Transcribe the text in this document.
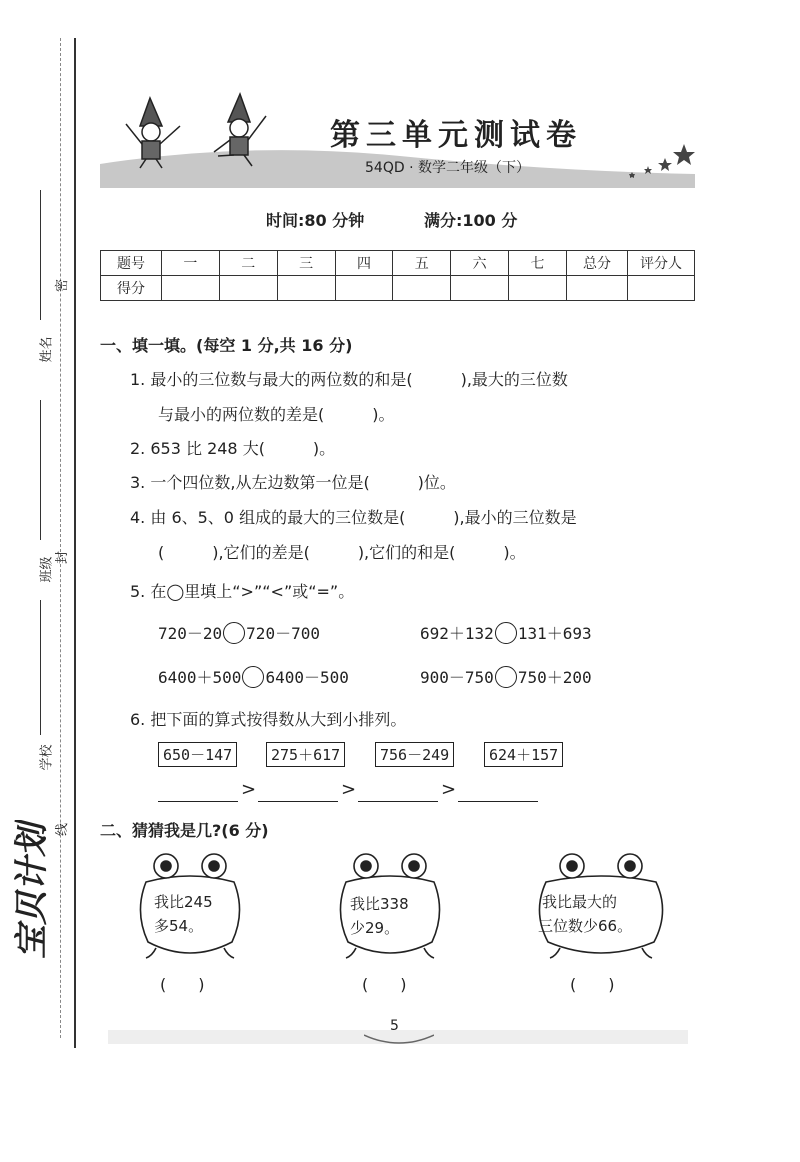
姓名
班级
学校
密
封
线
宝贝计划
第三单元测试卷
54QD · 数学二年级（下）
时间:80 分钟	满分:100 分
题号	一	二	三	四	五	六	七	总分	评分人
得分									
一、填一填。(每空 1 分,共 16 分)
1. 最小的三位数与最大的两位数的和是(　　　),最大的三位数
与最小的两位数的差是(　　　)。
2. 653 比 248 大(　　　)。
3. 一个四位数,从左边数第一位是(　　　)位。
4. 由 6、5、0 组成的最大的三位数是(　　　),最小的三位数是
(　　　),它们的差是(　　　),它们的和是(　　　)。
5. 在◯里填上“>”“<”或“=”。
720－20 720－700	692＋132 131＋693
6400＋500 6400－500	900－750 750＋200
6. 把下面的算式按得数从大到小排列。
650－147	275＋617	756－249	624＋157
>	>	>
二、猜猜我是几?(6 分)
我比245
多54。
(　　)
我比338
少29。
(　　)
我比最大的
三位数少66。
(　　)
5
